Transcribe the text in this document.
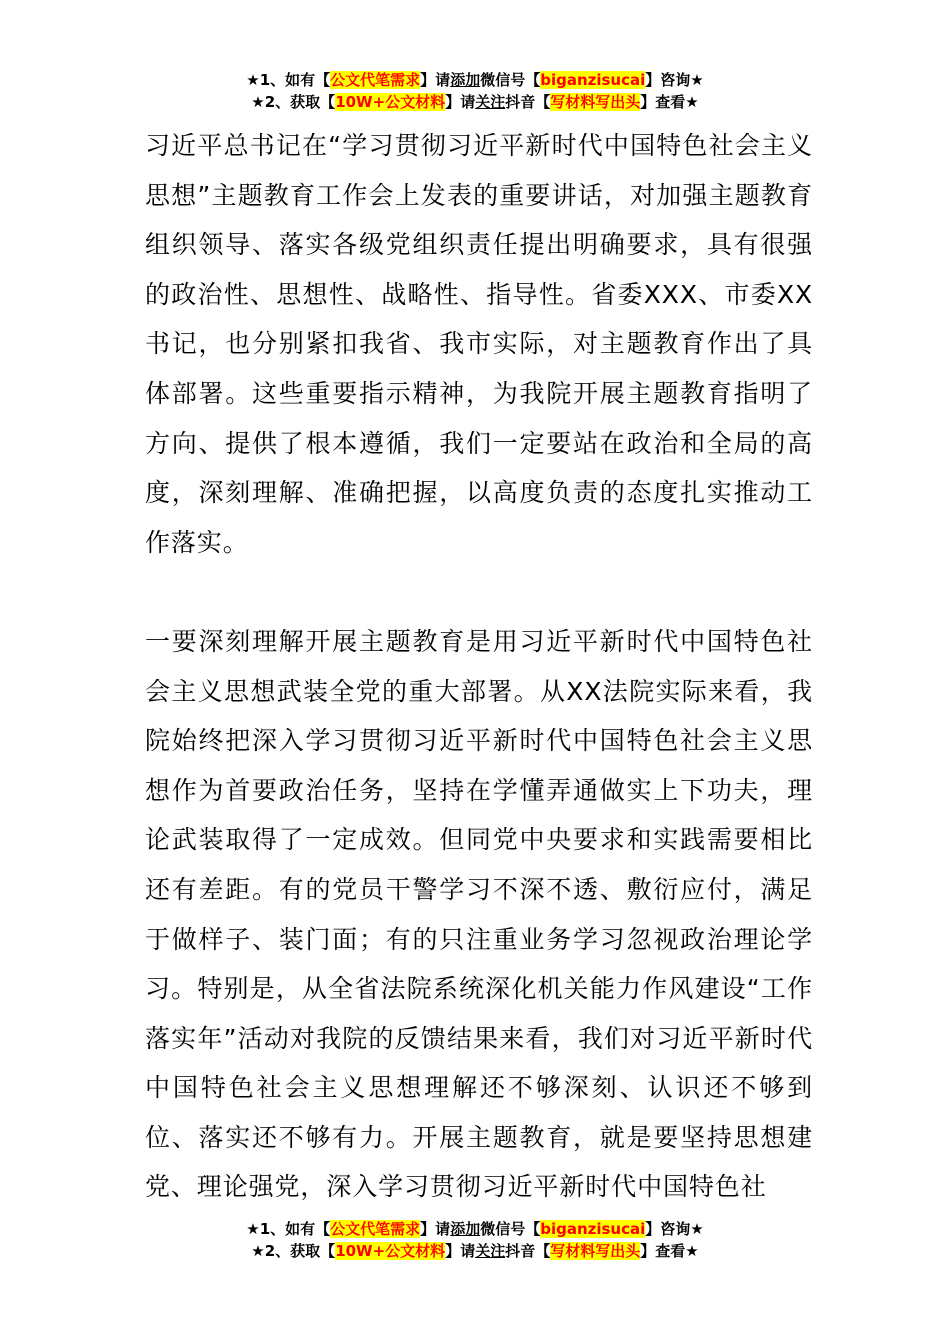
★1、如有【公文代笔需求】请添加微信号【biganzisucai】咨询★
★2、获取【10W+公文材料】请关注抖音【写材料写出头】查看★

习近平总书记在“学习贯彻习近平新时代中国特色社会主义思想”主题教育工作会上发表的重要讲话，对加强主题教育组织领导、落实各级党组织责任提出明确要求，具有很强的政治性、思想性、战略性、指导性。省委XXX、市委XX书记，也分别紧扣我省、我市实际，对主题教育作出了具体部署。这些重要指示精神，为我院开展主题教育指明了方向、提供了根本遵循，我们一定要站在政治和全局的高度，深刻理解、准确把握，以高度负责的态度扎实推动工作落实。

一要深刻理解开展主题教育是用习近平新时代中国特色社会主义思想武装全党的重大部署。从XX法院实际来看，我院始终把深入学习贯彻习近平新时代中国特色社会主义思想作为首要政治任务，坚持在学懂弄通做实上下功夫，理论武装取得了一定成效。但同党中央要求和实践需要相比还有差距。有的党员干警学习不深不透、敷衍应付，满足于做样子、装门面；有的只注重业务学习忽视政治理论学习。特别是，从全省法院系统深化机关能力作风建设“工作落实年”活动对我院的反馈结果来看，我们对习近平新时代中国特色社会主义思想理解还不够深刻、认识还不够到位、落实还不够有力。开展主题教育，就是要坚持思想建党、理论强党，深入学习贯彻习近平新时代中国特色社

★1、如有【公文代笔需求】请添加微信号【biganzisucai】咨询★
★2、获取【10W+公文材料】请关注抖音【写材料写出头】查看★
